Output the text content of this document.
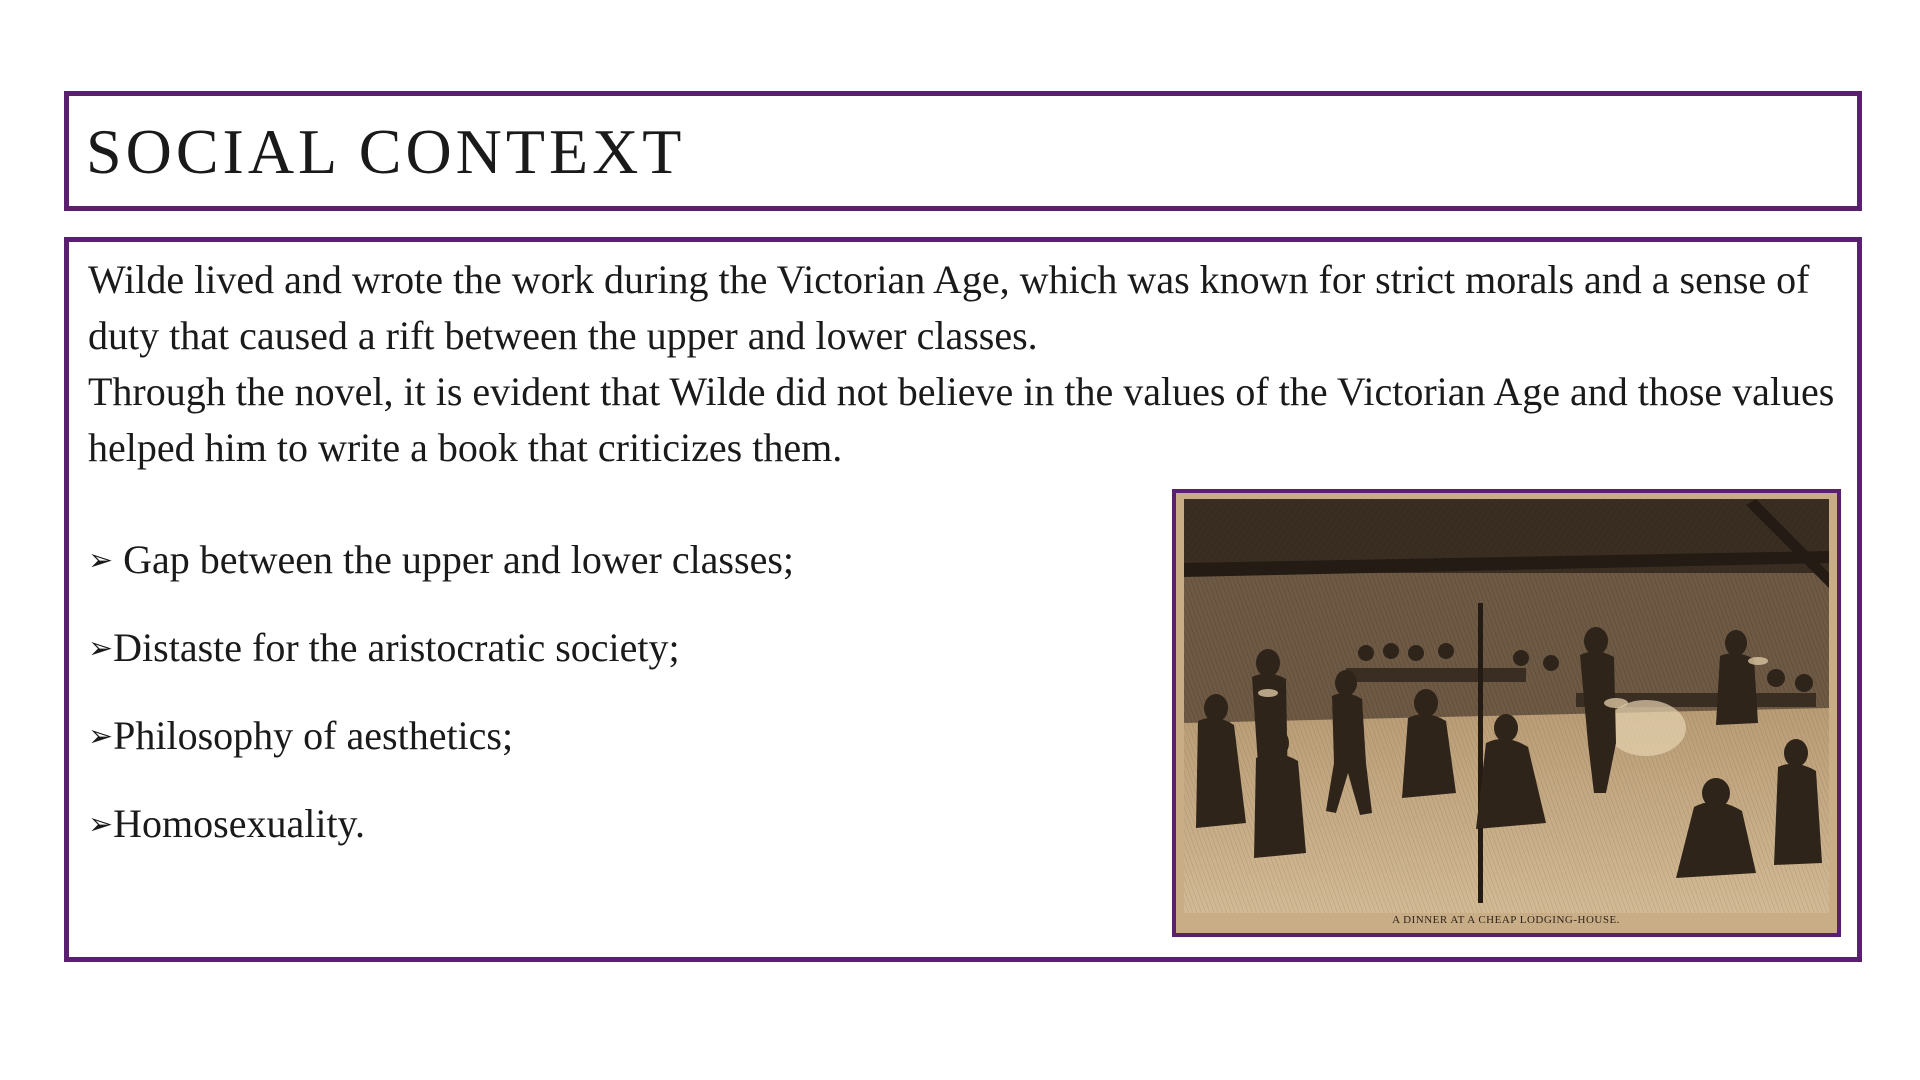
SOCIAL CONTEXT

Wilde lived and wrote the work during the Victorian Age, which was known for strict morals and a sense of duty that caused a rift between the upper and lower classes.

Through the novel, it is evident that Wilde did not believe in the values of the Victorian Age and those values helped him to write a book that criticizes them.

➢ Gap between the upper and lower classes;
➢Distaste for the aristocratic society;
➢Philosophy of aesthetics;
➢Homosexuality.
A DINNER AT A CHEAP LODGING-HOUSE.
